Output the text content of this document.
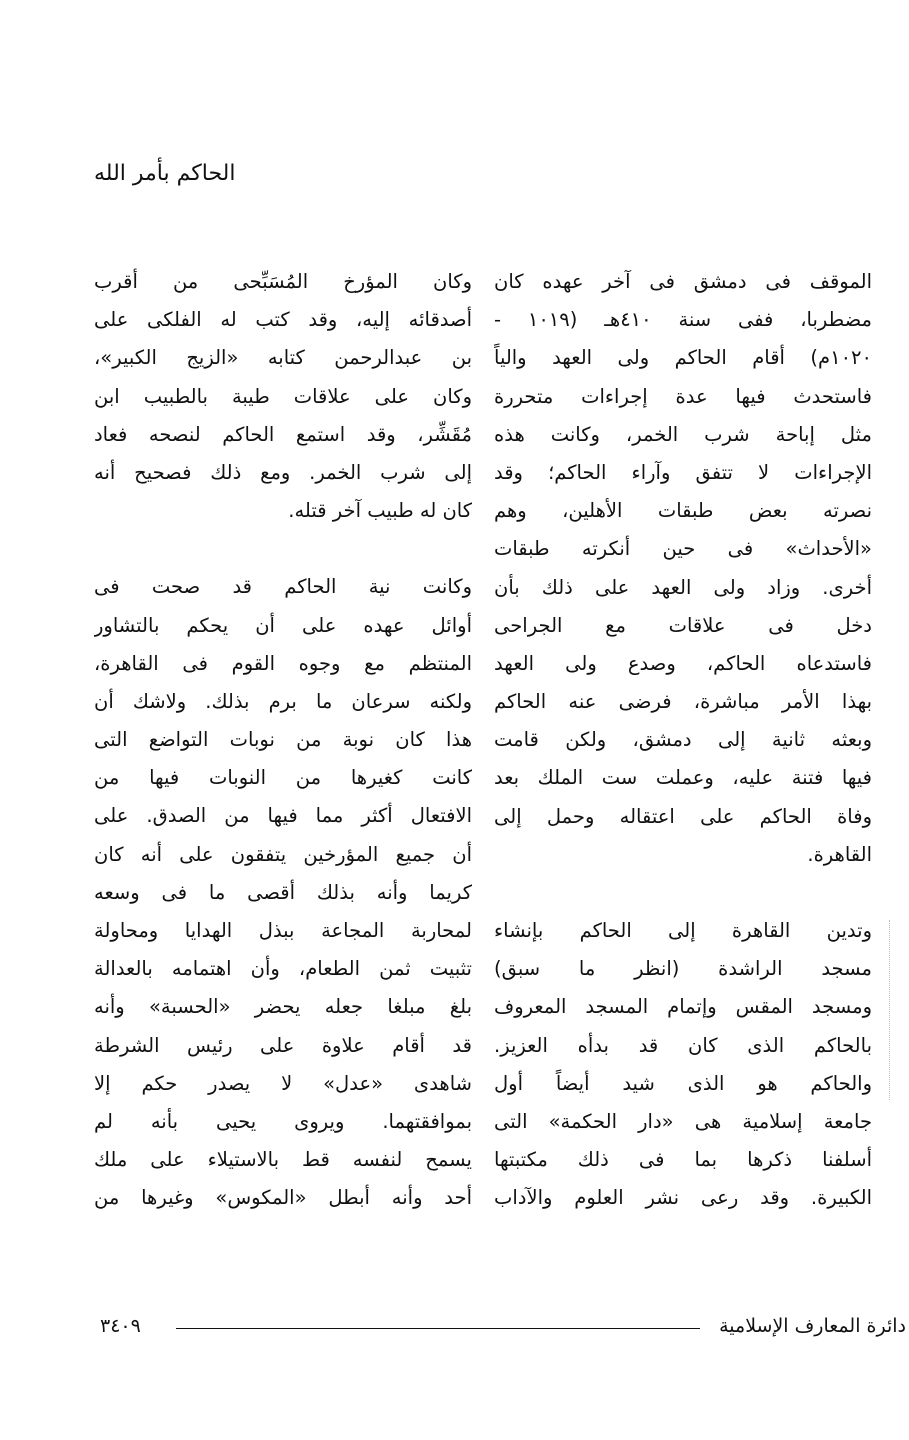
الحاكم بأمر الله
الموقف فى دمشق فى آخر عهده كان
مضطربا، ففى سنة ٤١٠هـ (١٠١٩ -
١٠٢٠م) أقام الحاكم ولى العهد والياً
فاستحدث فيها عدة إجراءات متحررة
مثل إباحة شرب الخمر، وكانت هذه
الإجراءات لا تتفق وآراء الحاكم؛ وقد
نصرته بعض طبقات الأهلين، وهم
«الأحداث» فى حين أنكرته طبقات
أخرى. وزاد ولى العهد على ذلك بأن
دخل فى علاقات مع الجراحى
فاستدعاه الحاكم، وصدع ولى العهد
بهذا الأمر مباشرة، فرضى عنه الحاكم
وبعثه ثانية إلى دمشق، ولكن قامت
فيها فتنة عليه، وعملت ست الملك بعد
وفاة الحاكم على اعتقاله وحمل إلى
القاهرة.
وتدين القاهرة إلى الحاكم بإنشاء
مسجد الراشدة (انظر ما سبق)
ومسجد المقس وإتمام المسجد المعروف
بالحاكم الذى كان قد بدأه العزيز.
والحاكم هو الذى شيد أيضاً أول
جامعة إسلامية هى «دار الحكمة» التى
أسلفنا ذكرها بما فى ذلك مكتبتها
الكبيرة. وقد رعى نشر العلوم والآداب
وكان المؤرخ المُسَبِّحى من أقرب
أصدقائه إليه، وقد كتب له الفلكى على
بن عبدالرحمن كتابه «الزيج الكبير»،
وكان على علاقات طيبة بالطبيب ابن
مُقَشِّر، وقد استمع الحاكم لنصحه فعاد
إلى شرب الخمر. ومع ذلك فصحيح أنه
كان له طبيب آخر قتله.
وكانت نية الحاكم قد صحت فى
أوائل عهده على أن يحكم بالتشاور
المنتظم مع وجوه القوم فى القاهرة،
ولكنه سرعان ما برم بذلك. ولاشك أن
هذا كان نوبة من نوبات التواضع التى
كانت كغيرها من النوبات فيها من
الافتعال أكثر مما فيها من الصدق. على
أن جميع المؤرخين يتفقون على أنه كان
كريما وأنه بذلك أقصى ما فى وسعه
لمحاربة المجاعة ببذل الهدايا ومحاولة
تثبيت ثمن الطعام، وأن اهتمامه بالعدالة
بلغ مبلغا جعله يحضر «الحسبة» وأنه
قد أقام علاوة على رئيس الشرطة
شاهدى «عدل» لا يصدر حكم إلا
بموافقتهما. ويروى يحيى بأنه لم
يسمح لنفسه قط بالاستيلاء على ملك
أحد وأنه أبطل «المكوس» وغيرها من
٣٤٠٩	دائرة المعارف الإسلامية
